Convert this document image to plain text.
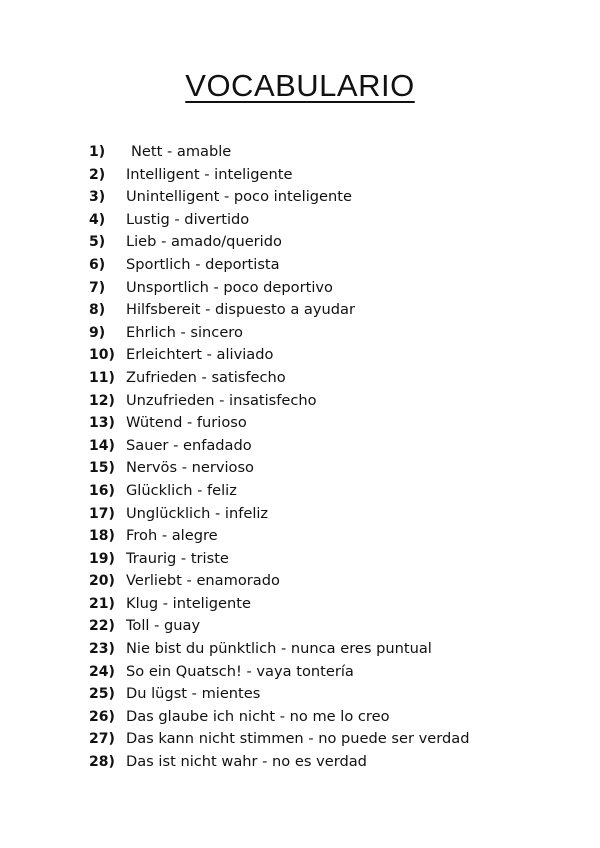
VOCABULARIO
1) Nett - amable
2) Intelligent - inteligente
3) Unintelligent - poco inteligente
4) Lustig - divertido
5) Lieb - amado/querido
6) Sportlich - deportista
7) Unsportlich - poco deportivo
8) Hilfsbereit - dispuesto a ayudar
9) Ehrlich - sincero
10) Erleichtert - aliviado
11) Zufrieden - satisfecho
12) Unzufrieden - insatisfecho
13) Wütend - furioso
14) Sauer - enfadado
15) Nervös - nervioso
16) Glücklich - feliz
17) Unglücklich - infeliz
18) Froh - alegre
19) Traurig - triste
20) Verliebt - enamorado
21) Klug - inteligente
22) Toll - guay
23) Nie bist du pünktlich - nunca eres puntual
24) So ein Quatsch! - vaya tontería
25) Du lügst - mientes
26) Das glaube ich nicht - no me lo creo
27) Das kann nicht stimmen - no puede ser verdad
28) Das ist nicht wahr - no es verdad
